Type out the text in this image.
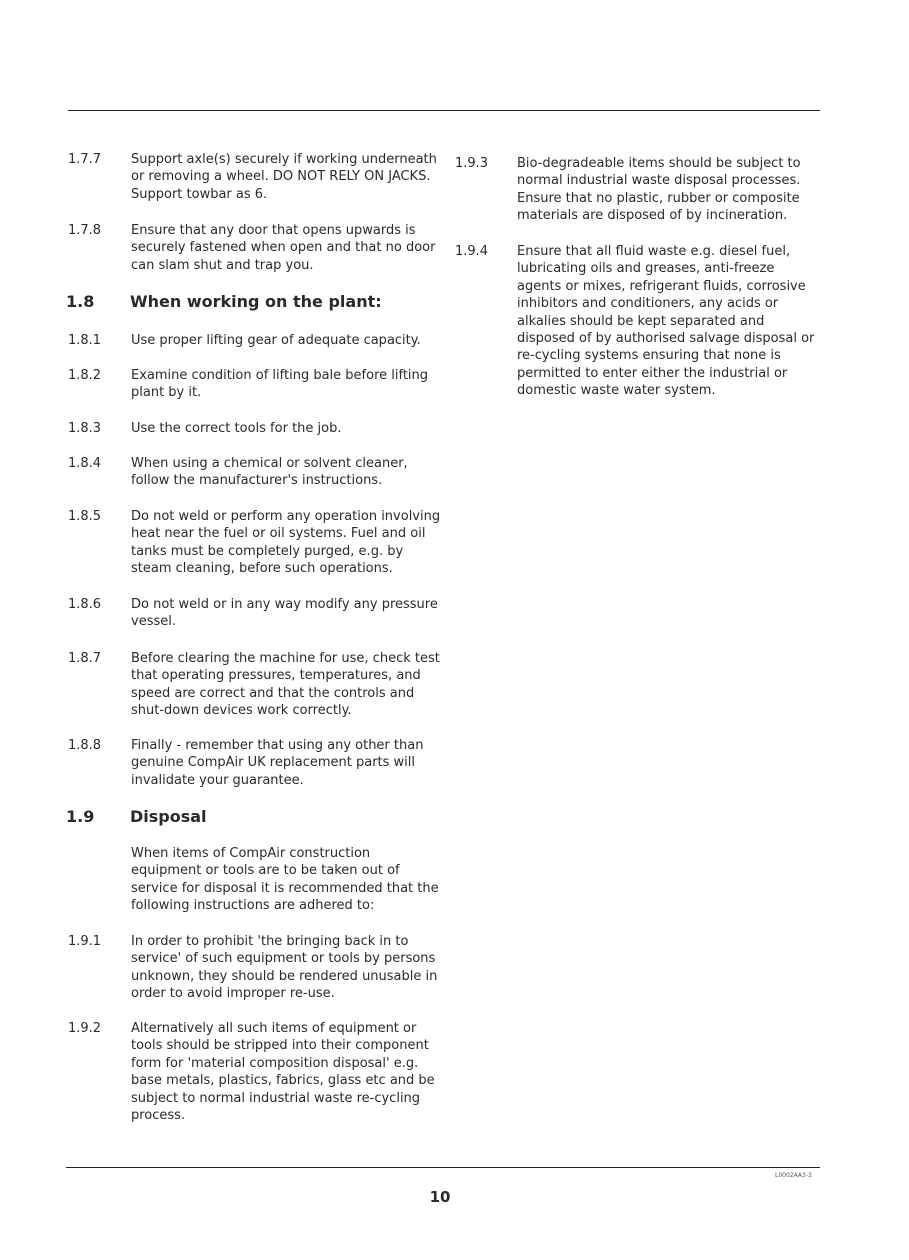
1.7.7 Support axle(s) securely if working underneath or removing a wheel. DO NOT RELY ON JACKS. Support towbar as 6.
1.7.8 Ensure that any door that opens upwards is securely fastened when open and that no door can slam shut and trap you.
1.8 When working on the plant:
1.8.1 Use proper lifting gear of adequate capacity.
1.8.2 Examine condition of lifting bale before lifting plant by it.
1.8.3 Use the correct tools for the job.
1.8.4 When using a chemical or solvent cleaner, follow the manufacturer's instructions.
1.8.5 Do not weld or perform any operation involving heat near the fuel or oil systems. Fuel and oil tanks must be completely purged, e.g. by steam cleaning, before such operations.
1.8.6 Do not weld or in any way modify any pressure vessel.
1.8.7 Before clearing the machine for use, check test that operating pressures, temperatures, and speed are correct and that the controls and shut-down devices work correctly.
1.8.8 Finally - remember that using any other than genuine CompAir UK replacement parts will invalidate your guarantee.
1.9 Disposal
When items of CompAir construction equipment or tools are to be taken out of service for disposal it is recommended that the following instructions are adhered to:
1.9.1 In order to prohibit 'the bringing back in to service' of such equipment or tools by persons unknown, they should be rendered unusable in order to avoid improper re-use.
1.9.2 Alternatively all such items of equipment or tools should be stripped into their component form for 'material composition disposal' e.g. base metals, plastics, fabrics, glass etc and be subject to normal industrial waste re-cycling process.
1.9.3 Bio-degradeable items should be subject to normal industrial waste disposal processes. Ensure that no plastic, rubber or composite materials are disposed of by incineration.
1.9.4 Ensure that all fluid waste e.g. diesel fuel, lubricating oils and greases, anti-freeze agents or mixes, refrigerant fluids, corrosive inhibitors and conditioners, any acids or alkalies should be kept separated and disposed of by authorised salvage disposal or re-cycling systems ensuring that none is permitted to enter either the industrial or domestic waste water system.
L0002AA3-3
10
